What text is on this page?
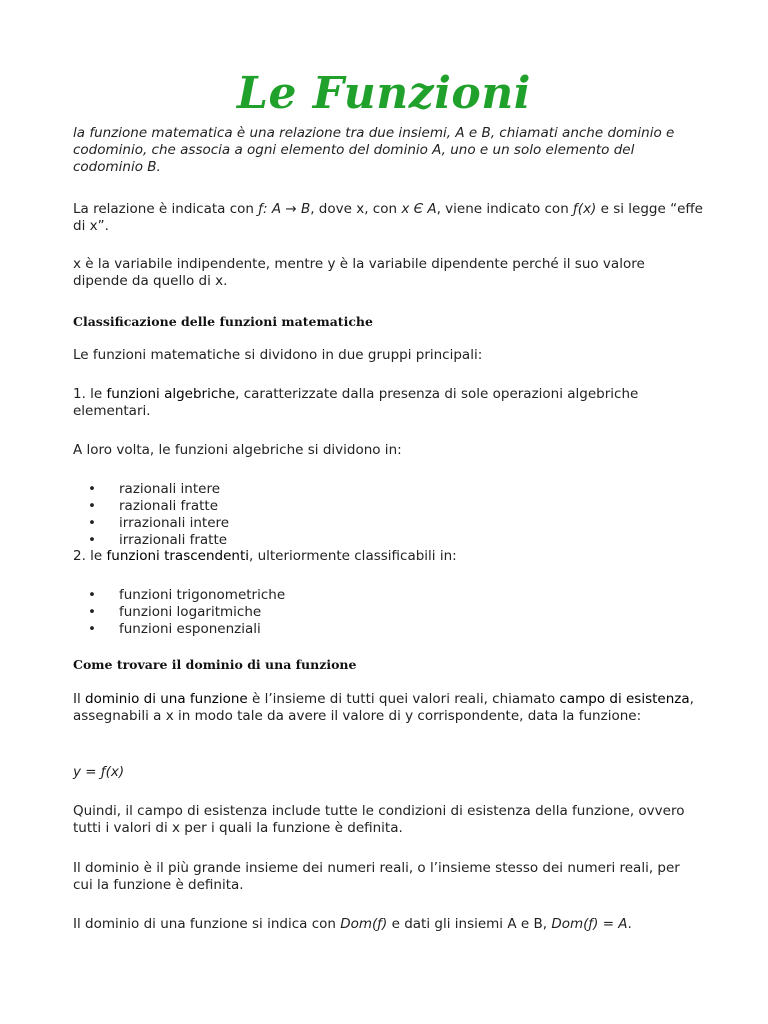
Le Funzioni
la funzione matematica è una relazione tra due insiemi, A e B, chiamati anche dominio e codominio, che associa a ogni elemento del dominio A, uno e un solo elemento del codominio B.
La relazione è indicata con ƒ: A → B, dove x, con x Є A, viene indicato con ƒ(x) e si legge “effe di x”.
x è la variabile indipendente, mentre y è la variabile dipendente perché il suo valore dipende da quello di x.
Classificazione delle funzioni matematiche
Le funzioni matematiche si dividono in due gruppi principali:
1. le funzioni algebriche, caratterizzate dalla presenza di sole operazioni algebriche elementari.
A loro volta, le funzioni algebriche si dividono in:
• razionali intere
• razionali fratte
• irrazionali intere
• irrazionali fratte
2. le funzioni trascendenti, ulteriormente classificabili in:
• funzioni trigonometriche
• funzioni logaritmiche
• funzioni esponenziali
Come trovare il dominio di una funzione
Il dominio di una funzione è l’insieme di tutti quei valori reali, chiamato campo di esistenza, assegnabili a x in modo tale da avere il valore di y corrispondente, data la funzione:
y = ƒ(x)
Quindi, il campo di esistenza include tutte le condizioni di esistenza della funzione, ovvero tutti i valori di x per i quali la funzione è definita.
Il dominio è il più grande insieme dei numeri reali, o l’insieme stesso dei numeri reali, per cui la funzione è definita.
Il dominio di una funzione si indica con Dom(ƒ) e dati gli insiemi A e B, Dom(ƒ) = A.
